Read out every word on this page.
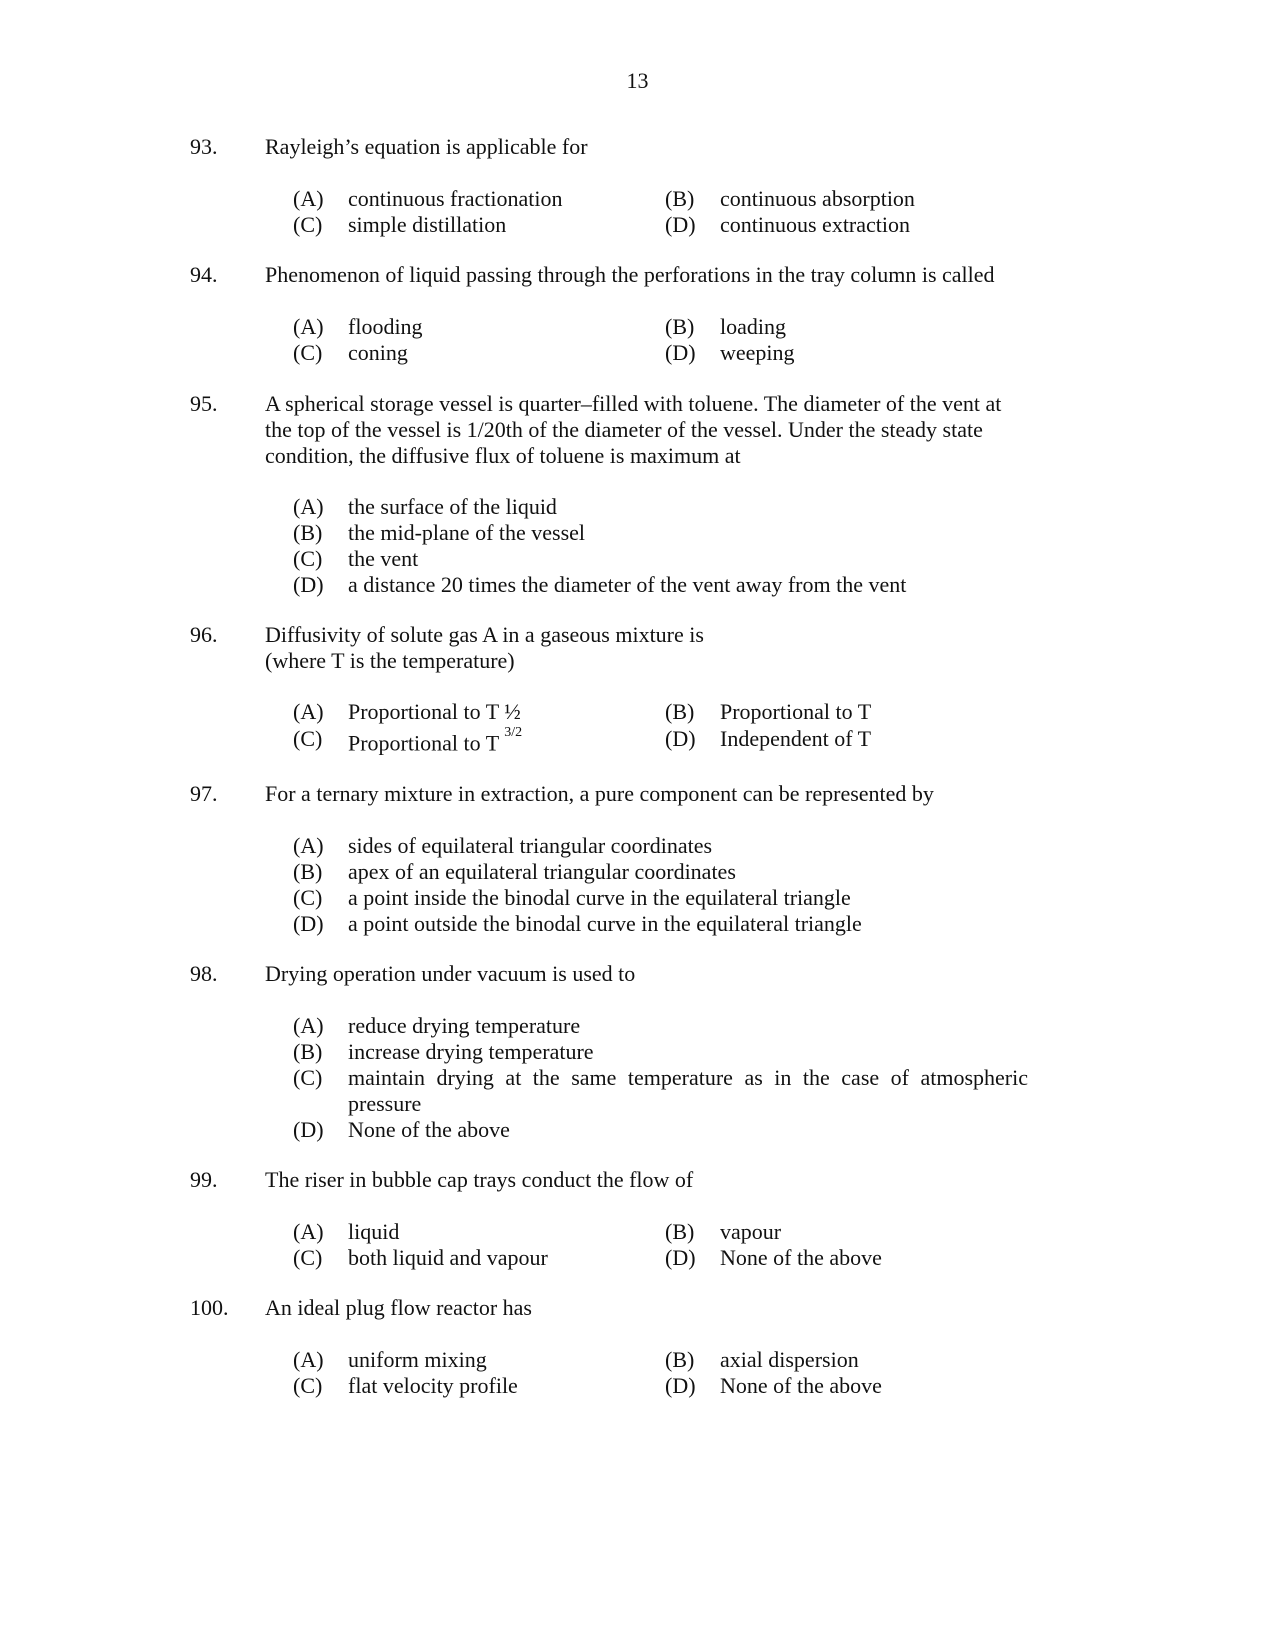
13
93. Rayleigh’s equation is applicable for
(A) continuous fractionation	(B) continuous absorption
(C) simple distillation	(D) continuous extraction
94. Phenomenon of liquid passing through the perforations in the tray column is called
(A) flooding	(B) loading
(C) coning	(D) weeping
95. A spherical storage vessel is quarter–filled with toluene. The diameter of the vent at
the top of the vessel is 1/20th of the diameter of the vessel. Under the steady state
condition, the diffusive flux of toluene is maximum at
(A) the surface of the liquid
(B) the mid-plane of the vessel
(C) the vent
(D) a distance 20 times the diameter of the vent away from the vent
96. Diffusivity of solute gas A in a gaseous mixture is
(where T is the temperature)
(A) Proportional to T ½	(B) Proportional to T
(C) Proportional to T $^{3/2}$	(D) Independent of T
97. For a ternary mixture in extraction, a pure component can be represented by
(A) sides of equilateral triangular coordinates
(B) apex of an equilateral triangular coordinates
(C) a point inside the binodal curve in the equilateral triangle
(D) a point outside the binodal curve in the equilateral triangle
98. Drying operation under vacuum is used to
(A) reduce drying temperature
(B) increase drying temperature
(C) maintain drying at the same temperature as in the case of atmospheric pressure
(D) None of the above
99. The riser in bubble cap trays conduct the flow of
(A) liquid	(B) vapour
(C) both liquid and vapour	(D) None of the above
100. An ideal plug flow reactor has
(A) uniform mixing	(B) axial dispersion
(C) flat velocity profile	(D) None of the above
